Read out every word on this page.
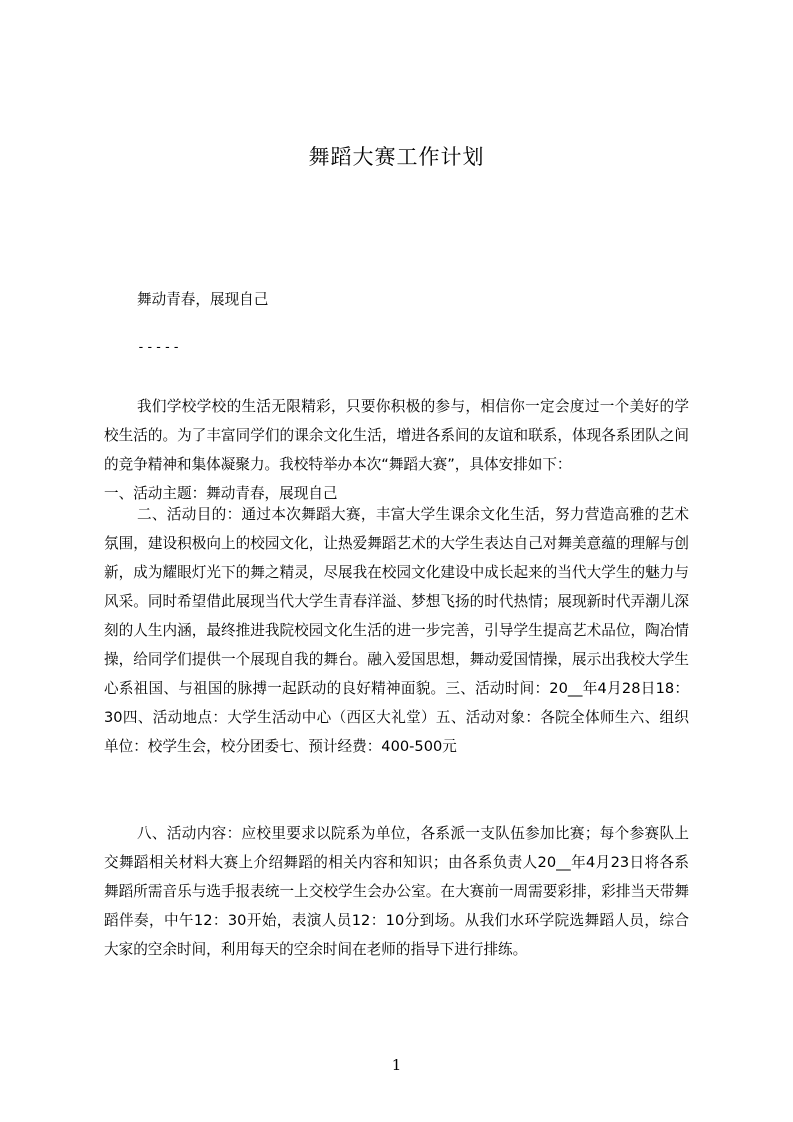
舞蹈大赛工作计划
舞动青春，展现自己
-----
我们学校学校的生活无限精彩，只要你积极的参与，相信你一定会度过一个美好的学校生活的。为了丰富同学们的课余文化生活，增进各系间的友谊和联系，体现各系团队之间的竞争精神和集体凝聚力。我校特举办本次“舞蹈大赛”，具体安排如下：
一、活动主题：舞动青春，展现自己
二、活动目的：通过本次舞蹈大赛，丰富大学生课余文化生活，努力营造高雅的艺术氛围，建设积极向上的校园文化，让热爱舞蹈艺术的大学生表达自己对舞美意蕴的理解与创新，成为耀眼灯光下的舞之精灵，尽展我在校园文化建设中成长起来的当代大学生的魅力与风采。同时希望借此展现当代大学生青春洋溢、梦想飞扬的时代热情；展现新时代弄潮儿深刻的人生内涵，最终推进我院校园文化生活的进一步完善，引导学生提高艺术品位，陶冶情操，给同学们提供一个展现自我的舞台。融入爱国思想，舞动爱国情操，展示出我校大学生心系祖国、与祖国的脉搏一起跃动的良好精神面貌。三、活动时间：20__年4月28日18：30四、活动地点：大学生活动中心（西区大礼堂）五、活动对象：各院全体师生六、组织单位：校学生会，校分团委七、预计经费：400-500元
八、活动内容：应校里要求以院系为单位，各系派一支队伍参加比赛；每个参赛队上交舞蹈相关材料大赛上介绍舞蹈的相关内容和知识；由各系负责人20__年4月23日将各系舞蹈所需音乐与选手报表统一上交校学生会办公室。在大赛前一周需要彩排，彩排当天带舞蹈伴奏，中午12：30开始，表演人员12：10分到场。从我们水环学院选舞蹈人员，综合大家的空余时间，利用每天的空余时间在老师的指导下进行排练。
1
